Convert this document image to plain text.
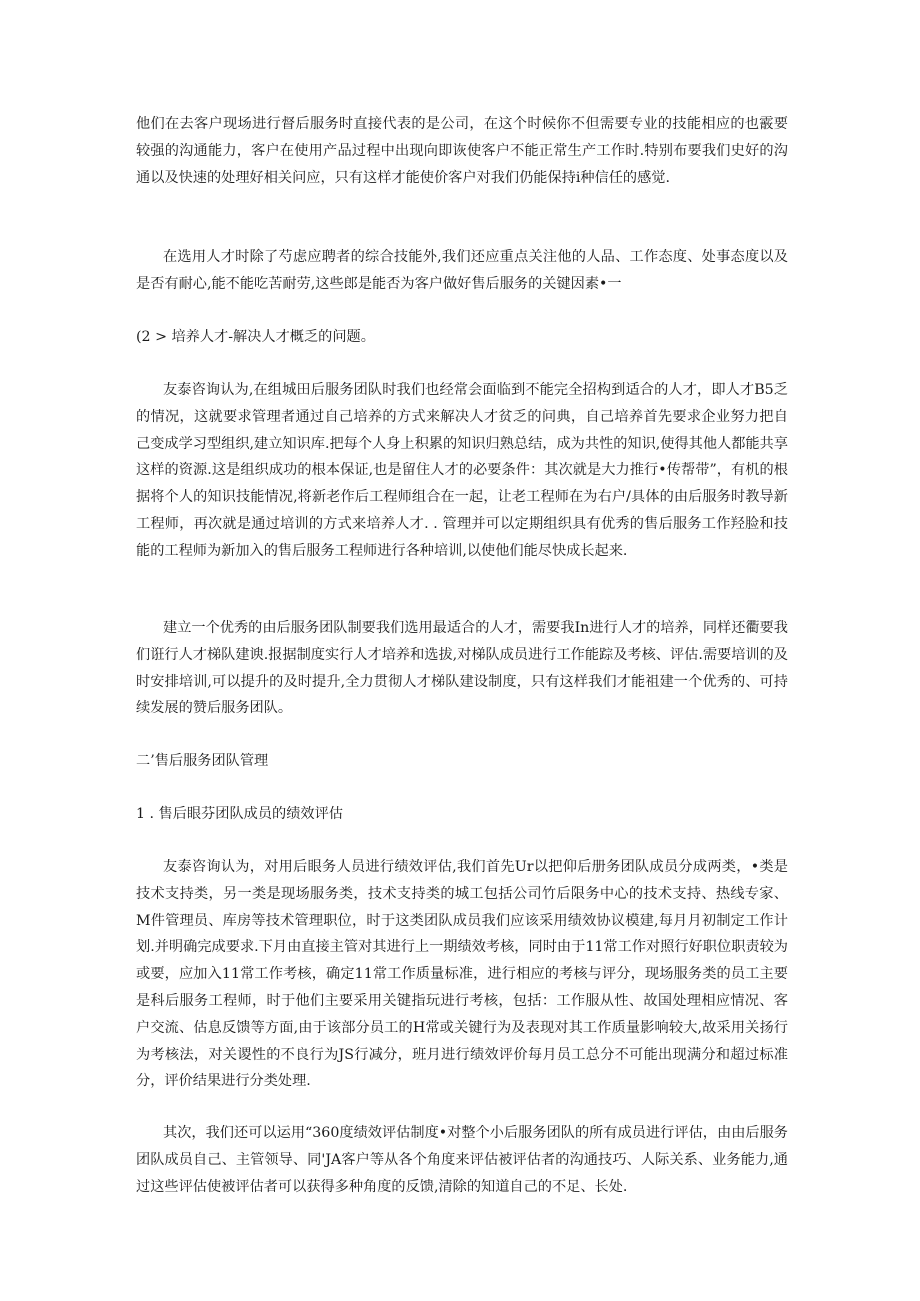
他们在去客户现场进行督后服务时直接代表的是公司，在这个时候你不但需要专业的技能相应的也霰要较强的沟通能力，客户在使用产品过程中出现向即诙使客户不能正常生产工作时.特别布要我们史好的沟通以及快速的处理好相关问应，只有这样才能使价客户对我们仍能保持i种信任的感觉.

在选用人才时除了芍虑应聘者的综合技能外,我们还应重点关注他的人品、工作态度、处事态度以及是否有耐心,能不能吃苦耐劳,这些郎是能否为客户做好售后服务的关键因素•一

(2 > 培养人才-解决人才概乏的问题。

友泰咨询认为,在组城田后服务团队时我们也经常会面临到不能完全招构到适合的人才，即人才B5乏的情况，这就要求管理者通过自己培养的方式来解决人才贫乏的问典，自己培养首先要求企业努力把自己变成学习型组织,建立知识库.把每个人身上积累的知识归熟总结，成为共性的知识,使得其他人都能共享这样的资源.这是组织成功的根本保证,也是留住人才的必要条件：其次就是大力推行•传帮带”，有机的根据将个人的知识技能情况,将新老作后工程师组合在一起，让老工程师在为右户/具体的由后服务时教导新工程师，再次就是通过培训的方式来培养人才. . 管理并可以定期组织具有优秀的售后服务工作羟脸和技能的工程师为新加入的售后服务工程师进行各种培训,以使他们能尽快成长起来.

建立一个优秀的由后服务团队制要我们选用最适合的人才，需要我In进行人才的培养，同样还衢要我们诳行人才梯队建谀.报据制度实行人才培养和选拔,对梯队成员进行工作能踪及考核、评估.需要培训的及时安排培训,可以提升的及时提升,全力贯彻人才梯队建设制度，只有这样我们才能祖建一个优秀的、可持续发展的赞后服务团队。

二’售后服务团队管理

1 . 售后眼芬团队成员的绩效评估

友泰咨询认为，对用后眼务人员进行绩效评估,我们首先Ur以把仰后册务团队成员分成两类，•类是技术支持类，另一类是现场服务类，技术支持类的城工包括公司竹后限务中心的技术支持、热线专家、M件管理员、库房等技术管理职位，时于这类团队成员我们应该采用绩效协议模建,每月月初制定工作计划.并明确完成要求.下月由直接主管对其进行上一期绩效考核，同时由于11常工作对照行好职位职责较为或要，应加入11常工作考核，确定11常工作质量标准，进行相应的考核与评分，现场服务类的员工主要是科后服务工程师，时于他们主要采用关键指玩进行考核，包括：工作服从性、故国处理相应情况、客户交流、估息反馈等方面,由于该部分员工的H常或关键行为及表现对其工作质量影响较大,故采用关扬行为考核法，对关谡性的不良行为JS行减分，班月进行绩效评价每月员工总分不可能出现满分和超过标准分，评价结果进行分类处理.

其次，我们还可以运用“360度绩效评估制度•对整个小后服务团队的所有成员进行评估，由由后服务团队成员自己、主管领导、同'JA客户等从各个角度来评估被评估者的沟通技巧、人际关系、业务能力,通过这些评估使被评估者可以获得多种角度的反馈,清除的知道自己的不足、长处.
